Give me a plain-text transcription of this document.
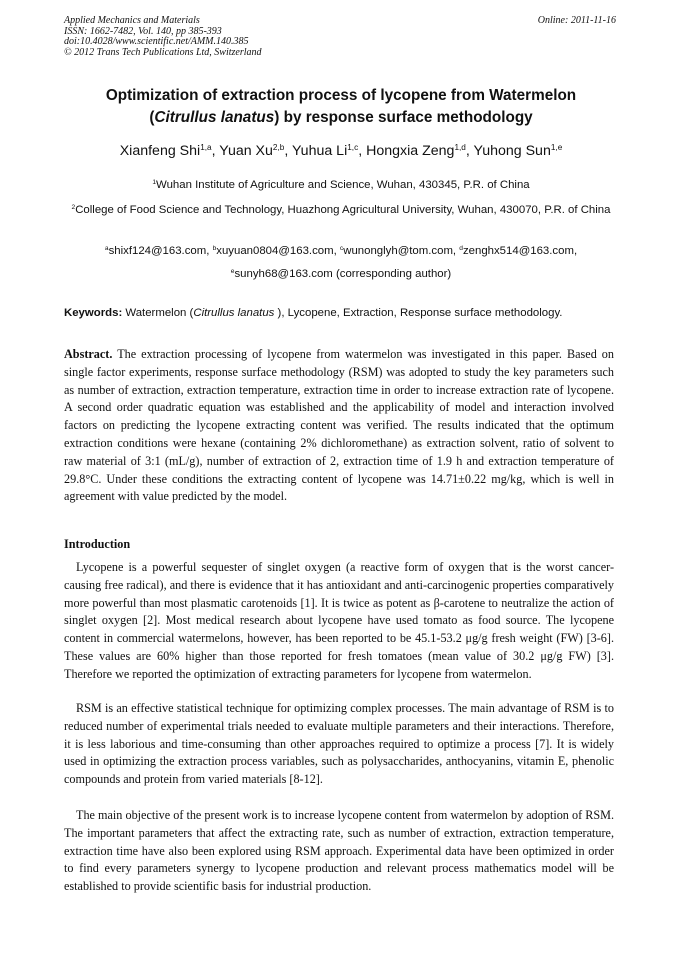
Applied Mechanics and Materials
ISSN: 1662-7482, Vol. 140, pp 385-393
doi:10.4028/www.scientific.net/AMM.140.385
© 2012 Trans Tech Publications Ltd, Switzerland
Online: 2011-11-16
Optimization of extraction process of lycopene from Watermelon
(Citrullus lanatus) by response surface methodology
Xianfeng Shi$^{1,a}$, Yuan Xu$^{2,b}$, Yuhua Li$^{1,c}$, Hongxia Zeng$^{1,d}$, Yuhong Sun$^{1,e}$
$^1$Wuhan Institute of Agriculture and Science, Wuhan, 430345, P.R. of China
$^2$College of Food Science and Technology, Huazhong Agricultural University, Wuhan, 430070, P.R. of China
$^a$shixf124@163.com, $^b$xuyuan0804@163.com, $^c$wunonglyh@tom.com, $^d$zenghx514@163.com,
$^e$sunyh68@163.com (corresponding author)
Keywords: Watermelon (Citrullus lanatus ), Lycopene, Extraction, Response surface methodology.
Abstract. The extraction processing of lycopene from watermelon was investigated in this paper. Based on single factor experiments, response surface methodology (RSM) was adopted to study the key parameters such as number of extraction, extraction temperature, extraction time in order to increase extraction rate of lycopene. A second order quadratic equation was established and the applicability of model and interaction involved factors on predicting the lycopene extracting content was verified. The results indicated that the optimum extraction conditions were hexane (containing 2% dichloromethane) as extraction solvent, ratio of solvent to raw material of 3:1 (mL/g), number of extraction of 2, extraction time of 1.9 h and extraction temperature of 29.8°C. Under these conditions the extracting content of lycopene was 14.71±0.22 mg/kg, which is well in agreement with value predicted by the model.
Introduction
Lycopene is a powerful sequester of singlet oxygen (a reactive form of oxygen that is the worst cancer-causing free radical), and there is evidence that it has antioxidant and anti-carcinogenic properties comparatively more powerful than most plasmatic carotenoids [1]. It is twice as potent as β-carotene to neutralize the action of singlet oxygen [2]. Most medical research about lycopene have used tomato as food source. The lycopene content in commercial watermelons, however, has been reported to be 45.1-53.2 μg/g fresh weight (FW) [3-6]. These values are 60% higher than those reported for fresh tomatoes (mean value of 30.2 μg/g FW) [3]. Therefore we reported the optimization of extracting parameters for lycopene from watermelon.
RSM is an effective statistical technique for optimizing complex processes. The main advantage of RSM is to reduced number of experimental trials needed to evaluate multiple parameters and their interactions. Therefore, it is less laborious and time-consuming than other approaches required to optimize a process [7]. It is widely used in optimizing the extraction process variables, such as polysaccharides, anthocyanins, vitamin E, phenolic compounds and protein from varied materials [8-12].
The main objective of the present work is to increase lycopene content from watermelon by adoption of RSM. The important parameters that affect the extracting rate, such as number of extraction, extraction temperature, extraction time have also been explored using RSM approach. Experimental data have been optimized in order to find every parameters synergy to lycopene production and relevant process mathematics model will be established to provide scientific basis for industrial production.
